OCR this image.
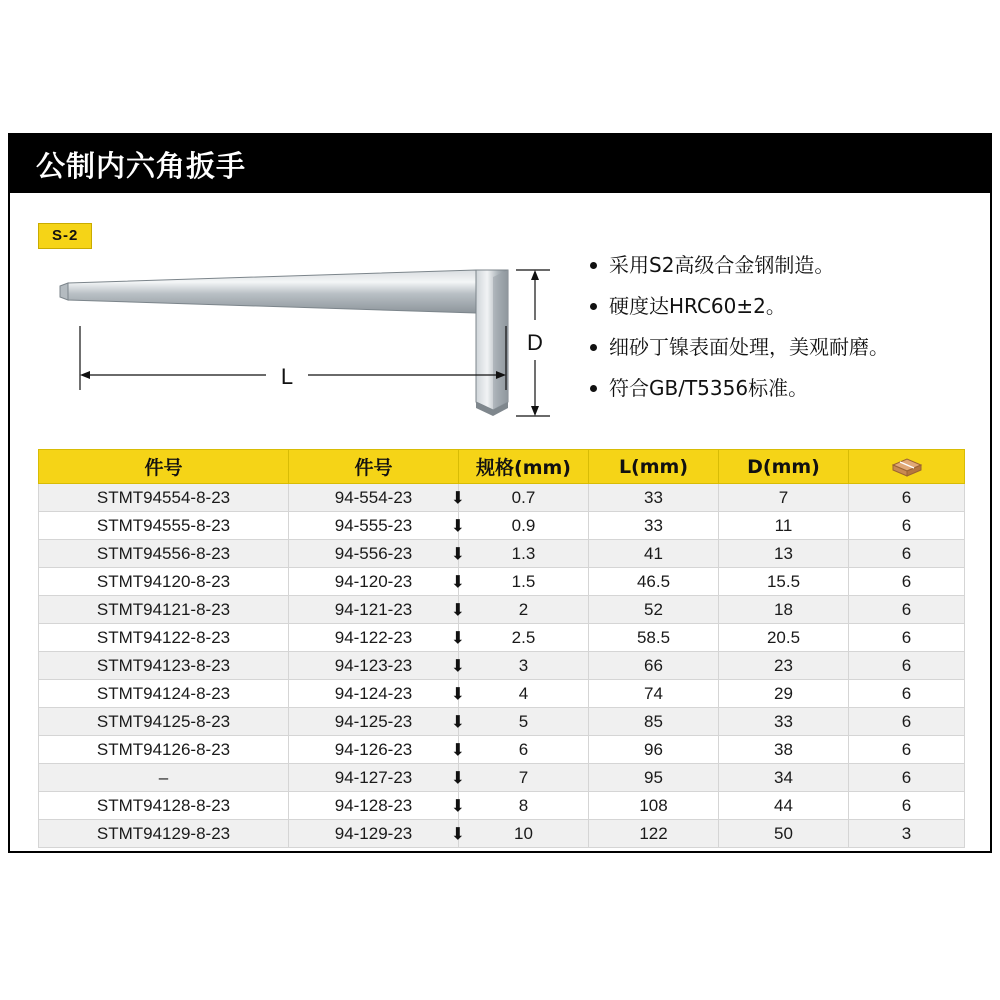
公制内六角扳手
S-2
D
L
采用S2高级合金钢制造。
硬度达HRC60±2。
细砂丁镍表面处理，美观耐磨。
符合GB/T5356标准。
件号	件号	规格(mm)	L(mm)	D(mm)	
STMT94554-8-23	94-554-23 ⬇	0.7	33	7	6
STMT94555-8-23	94-555-23 ⬇	0.9	33	11	6
STMT94556-8-23	94-556-23 ⬇	1.3	41	13	6
STMT94120-8-23	94-120-23 ⬇	1.5	46.5	15.5	6
STMT94121-8-23	94-121-23 ⬇	2	52	18	6
STMT94122-8-23	94-122-23 ⬇	2.5	58.5	20.5	6
STMT94123-8-23	94-123-23 ⬇	3	66	23	6
STMT94124-8-23	94-124-23 ⬇	4	74	29	6
STMT94125-8-23	94-125-23 ⬇	5	85	33	6
STMT94126-8-23	94-126-23 ⬇	6	96	38	6
–	94-127-23 ⬇	7	95	34	6
STMT94128-8-23	94-128-23 ⬇	8	108	44	6
STMT94129-8-23	94-129-23 ⬇	10	122	50	3
